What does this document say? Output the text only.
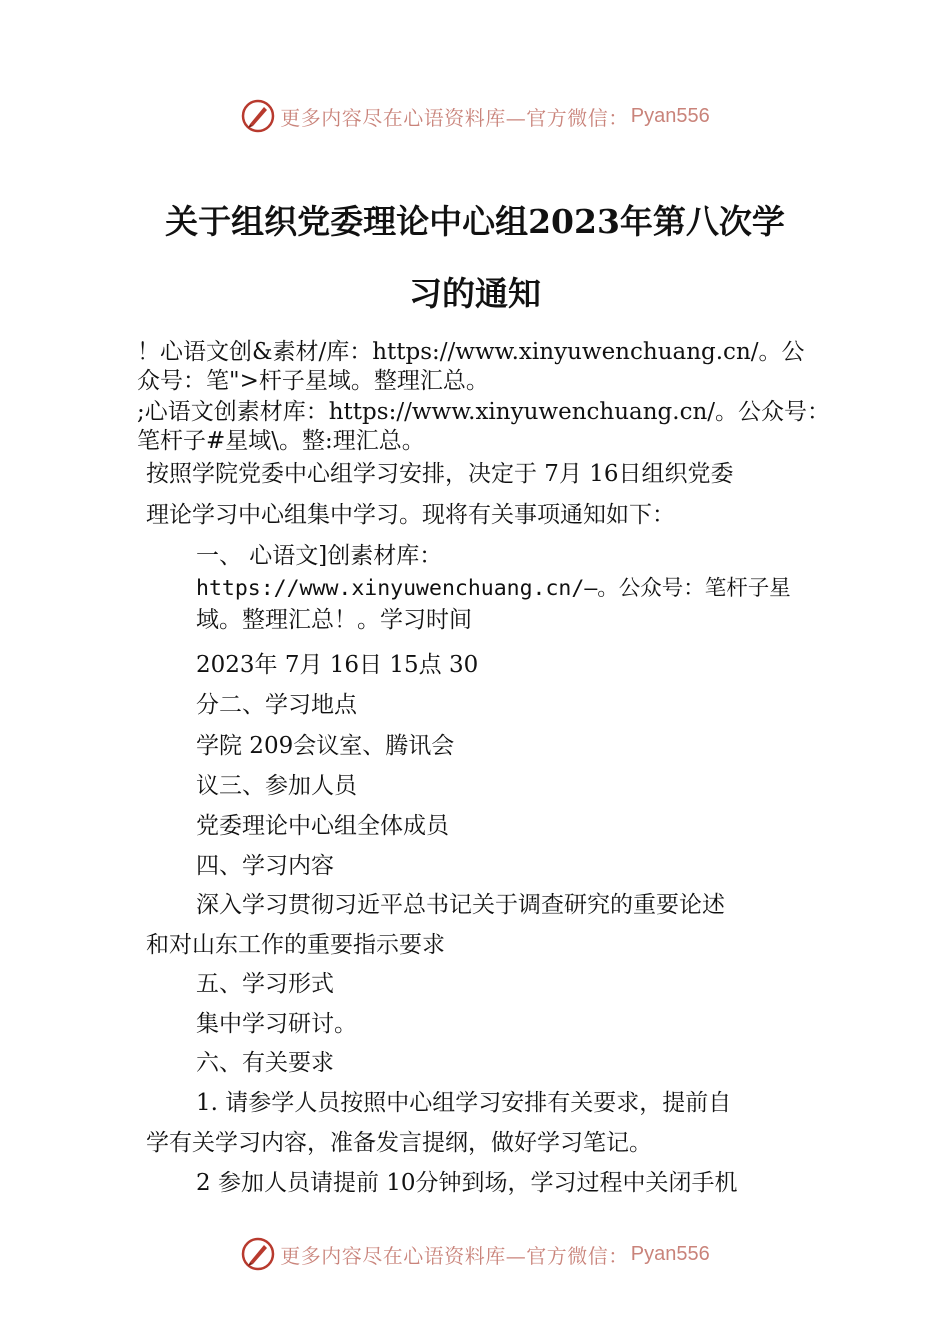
更多内容尽在心语资料库—官方微信： Pyan556
关于组织党委理论中心组2023年第八次学
习的通知
！心语文创&素材/库：https://www.xinyuwenchuang.cn/。公
众号：笔">杆子星域。整理汇总。
;心语文创素材库：https://www.xinyuwenchuang.cn/。公众号：
笔杆子#星域\。整:理汇总。
按照学院党委中心组学习安排，决定于 7月 16日组织党委
理论学习中心组集中学习。现将有关事项通知如下：
一、 心语文]创素材库：
https://www.xinyuwenchuang.cn/—。公众号：笔杆子星
域。整理汇总！。学习时间
2023年 7月 16日 15点 30
分二、学习地点
学院 209会议室、腾讯会
议三、参加人员
党委理论中心组全体成员
四、学习内容
深入学习贯彻习近平总书记关于调查研究的重要论述
和对山东工作的重要指示要求
五、学习形式
集中学习研讨。
六、有关要求
1. 请参学人员按照中心组学习安排有关要求，提前自
学有关学习内容，准备发言提纲，做好学习笔记。
2 参加人员请提前 10分钟到场，学习过程中关闭手机
更多内容尽在心语资料库—官方微信： Pyan556
